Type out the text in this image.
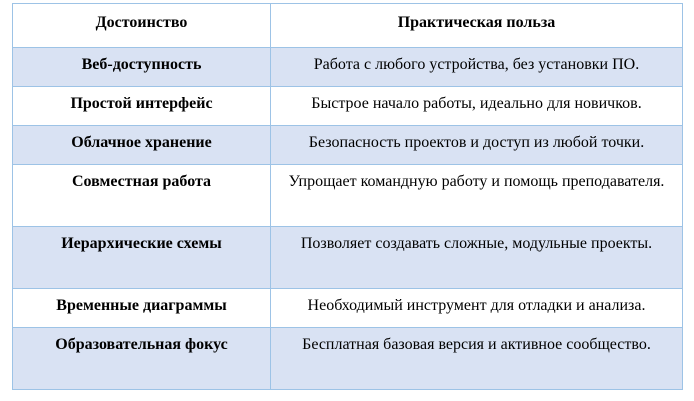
Достоинство	Практическая польза
Веб-доступность	Работа с любого устройства, без установки ПО.
Простой интерфейс	Быстрое начало работы, идеально для новичков.
Облачное хранение	Безопасность проектов и доступ из любой точки.
Совместная работа	Упрощает командную работу и помощь преподавателя.
Иерархические схемы	Позволяет создавать сложные, модульные проекты.
Временные диаграммы	Необходимый инструмент для отладки и анализа.
Образовательная фокус	Бесплатная базовая версия и активное сообщество.
